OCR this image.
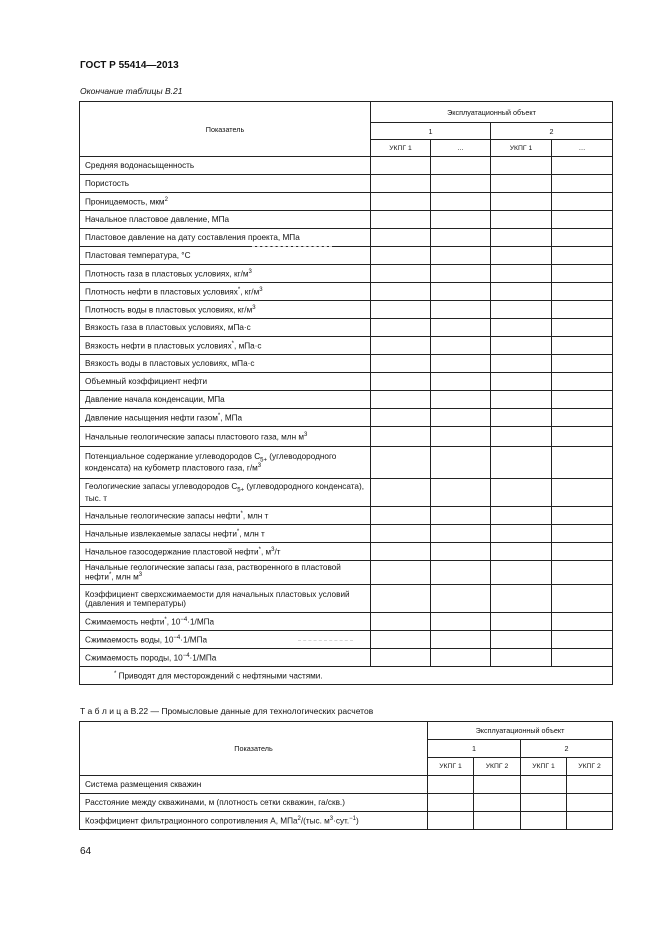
ГОСТ Р 55414—2013
Окончание таблицы В.21
Показатель	Эксплуатационный объект			
	1		2	
	УКПГ 1	…	УКПГ 1	…
Средняя водонасыщенность				
Пористость				
Проницаемость, мкм$^2$				
Начальное пластовое давление, МПа				
Пластовое давление на дату составления проекта, МПа				
Пластовая температура, °С				
Плотность газа в пластовых условиях, $кг/м^3$				
Плотность нефти в пластовых условиях*, $кг/м^3$				
Плотность воды в пластовых условиях, $кг/м^3$				
Вязкость газа в пластовых условиях, мПа·с				
Вязкость нефти в пластовых условиях*, мПа·с				
Вязкость воды в пластовых условиях, мПа·с				
Объемный коэффициент нефти				
Давление начала конденсации, МПа				
Давление насыщения нефти газом*, МПа				
Начальные геологические запасы пластового газа, млн $м^3$				
Потенциальное содержание углеводородов $C_{5+}$ (углеводородного конденсата) на кубометр пластового газа, $г/м^3$				
Геологические запасы углеводородов $C_{5+}$ (углеводородного конденсата), тыс. т				
Начальные геологические запасы нефти*, млн т				
Начальные извлекаемые запасы нефти*, млн т				
Начальное газосодержание пластовой нефти*, $м^3/т$				
Начальные геологические запасы газа, растворенного в пластовой нефти*, млн $м^3$				
Коэффициент сверхсжимаемости для начальных пластовых условий (давления и температуры)				
Сжимаемость нефти*, $10^{-4}\cdot 1$/МПа				
Сжимаемость воды, $10^{-4}\cdot 1$/МПа				
Сжимаемость породы, $10^{-4}\cdot 1$/МПа				
* Приводят для месторождений с нефтяными частями.				
Т а б л и ц а В.22 — Промысловые данные для технологических расчетов
Показатель	Эксплуатационный объект			
	1		2	
	УКПГ 1	УКПГ 2	УКПГ 1	УКПГ 2
Система размещения скважин				
Расстояние между скважинами, м (плотность сетки скважин, га/скв.)				
Коэффициент фильтрационного сопротивления А, МПа$^2$/(тыс. $м^3\cdot сут.^{-1}$)				
64
